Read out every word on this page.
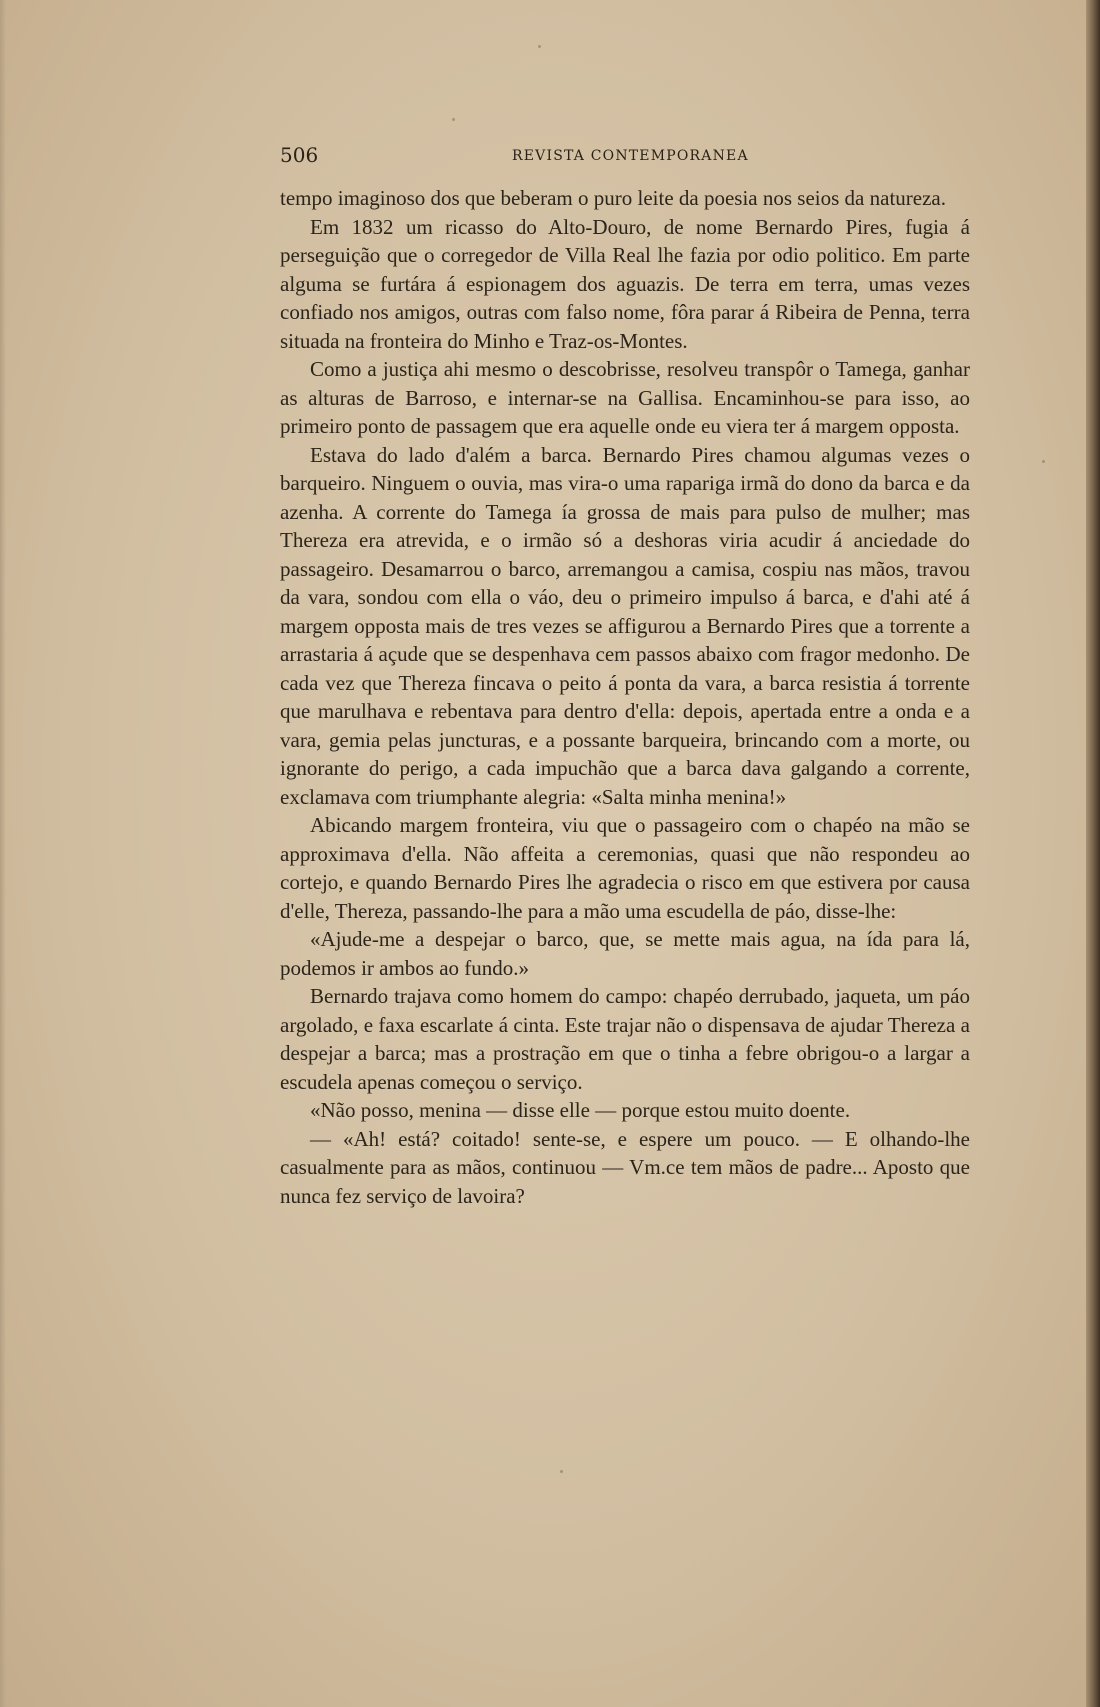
506	REVISTA CONTEMPORANEA

tempo imaginoso dos que beberam o puro leite da poesia nos seios da natureza.

Em 1832 um ricasso do Alto-Douro, de nome Bernardo Pires, fugia á perseguição que o corregedor de Villa Real lhe fazia por odio politico. Em parte alguma se furtára á espionagem dos aguazis. De terra em terra, umas vezes confiado nos amigos, outras com falso nome, fôra parar á Ribeira de Penna, terra situada na fronteira do Minho e Traz-os-Montes.

Como a justiça ahi mesmo o descobrisse, resolveu transpôr o Tamega, ganhar as alturas de Barroso, e internar-se na Gallisa. Encaminhou-se para isso, ao primeiro ponto de passagem que era aquelle onde eu viera ter á margem opposta.

Estava do lado d'além a barca. Bernardo Pires chamou algumas vezes o barqueiro. Ninguem o ouvia, mas vira-o uma rapariga irmã do dono da barca e da azenha. A corrente do Tamega ía grossa de mais para pulso de mulher; mas Thereza era atrevida, e o irmão só a deshoras viria acudir á anciedade do passageiro. Desamarrou o barco, arremangou a camisa, cospiu nas mãos, travou da vara, sondou com ella o váo, deu o primeiro impulso á barca, e d'ahi até á margem opposta mais de tres vezes se affigurou a Bernardo Pires que a torrente a arrastaria á açude que se despenhava cem passos abaixo com fragor medonho. De cada vez que Thereza fincava o peito á ponta da vara, a barca resistia á torrente que marulhava e rebentava para dentro d'ella: depois, apertada entre a onda e a vara, gemia pelas juncturas, e a possante barqueira, brincando com a morte, ou ignorante do perigo, a cada impuchão que a barca dava galgando a corrente, exclamava com triumphante alegria: «Salta minha menina!»

Abicando margem fronteira, viu que o passageiro com o chapéo na mão se approximava d'ella. Não affeita a ceremonias, quasi que não respondeu ao cortejo, e quando Bernardo Pires lhe agradecia o risco em que estivera por causa d'elle, Thereza, passando-lhe para a mão uma escudella de páo, disse-lhe:

«Ajude-me a despejar o barco, que, se mette mais agua, na ída para lá, podemos ir ambos ao fundo.»

Bernardo trajava como homem do campo: chapéo derrubado, jaqueta, um páo argolado, e faxa escarlate á cinta. Este trajar não o dispensava de ajudar Thereza a despejar a barca; mas a prostração em que o tinha a febre obrigou-o a largar a escudela apenas começou o serviço.

«Não posso, menina — disse elle — porque estou muito doente.

— «Ah! está? coitado! sente-se, e espere um pouco. — E olhando-lhe casualmente para as mãos, continuou — Vm.ce tem mãos de padre... Aposto que nunca fez serviço de lavoira?
